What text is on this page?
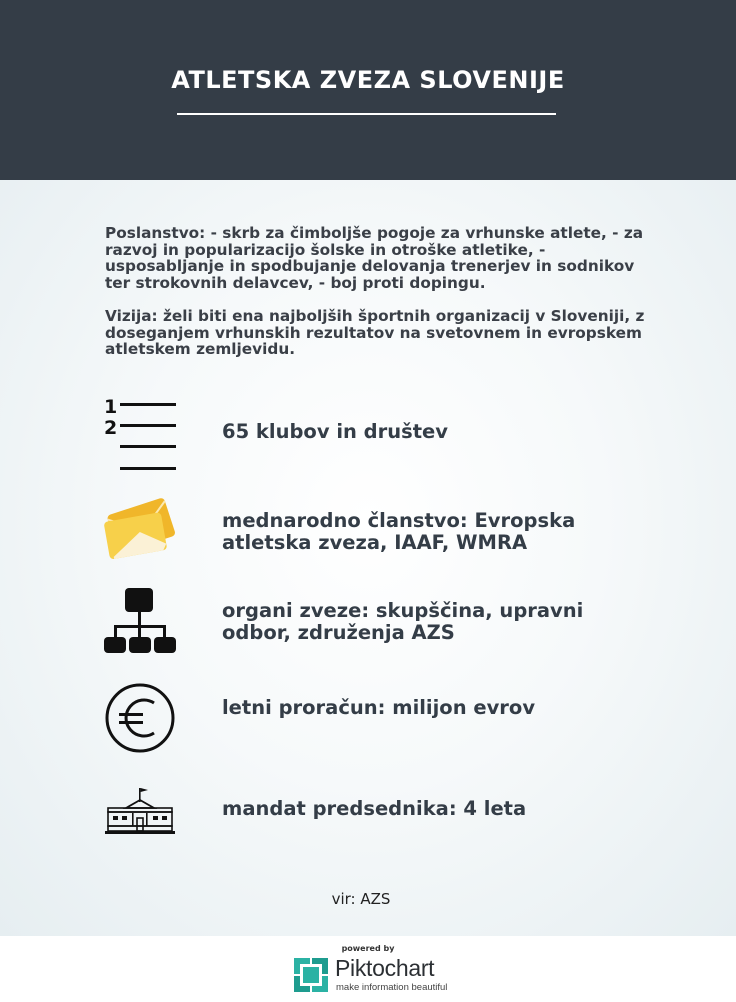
ATLETSKA ZVEZA SLOVENIJE

Poslanstvo: - skrb za čimboljše pogoje za vrhunske atlete, - za razvoj in popularizacijo šolske in otroške atletike, - usposabljanje in spodbujanje delovanja trenerjev in sodnikov ter strokovnih delavcev, - boj proti dopingu.

Vizija: želi biti ena najboljših športnih organizacij v Sloveniji, z doseganjem vrhunskih rezultatov na svetovnem in evropskem atletskem zemljevidu.

1
2	65 klubov in društev
mednarodno članstvo: Evropska atletska zveza, IAAF, WMRA
organi zveze: skupščina, upravni odbor, združenja AZS
letni proračun: milijon evrov
mandat predsednika: 4 leta
vir: AZS
powered by
Piktochart
make information beautiful
